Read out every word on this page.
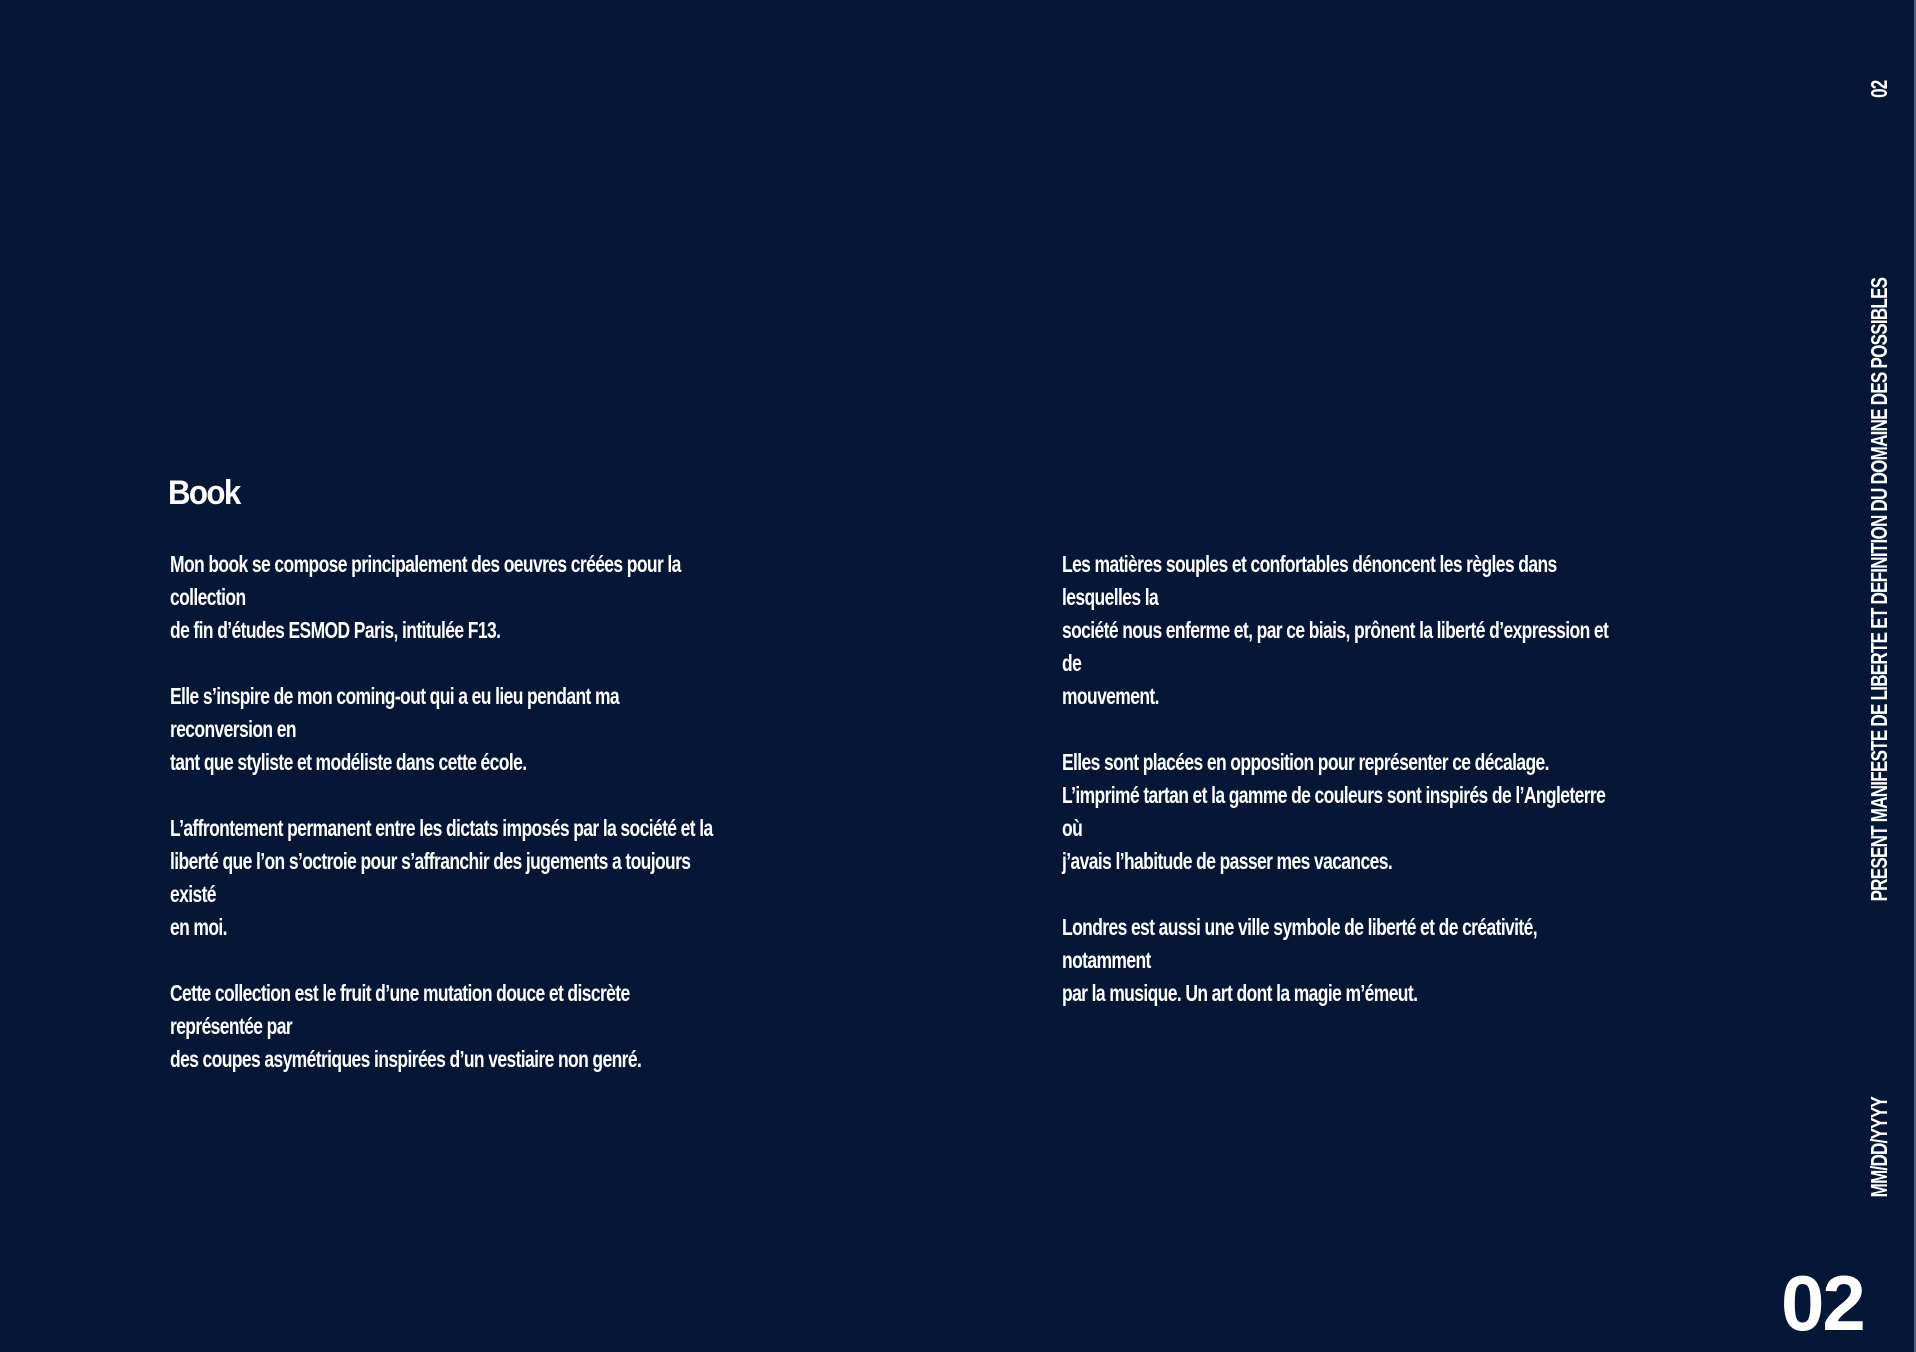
Book

Mon book se compose principalement des oeuvres créées pour la collection
de fin d’études ESMOD Paris, intitulée F13.

Elle s’inspire de mon coming-out qui a eu lieu pendant ma reconversion en
tant que styliste et modéliste dans cette école.

L’affrontement permanent entre les dictats imposés par la société et la
liberté que l’on s’octroie pour s’affranchir des jugements a toujours existé
en moi.

Cette collection est le fruit d’une mutation douce et discrète représentée par
des coupes asymétriques inspirées d’un vestiaire non genré.

Les matières souples et confortables dénoncent les règles dans lesquelles la
société nous enferme et, par ce biais, prônent la liberté d’expression et de
mouvement.

Elles sont placées en opposition pour représenter ce décalage.
L’imprimé tartan et la gamme de couleurs sont inspirés de l’Angleterre où
j’avais l’habitude de passer mes vacances.

Londres est aussi une ville symbole de liberté et de créativité, notamment
par la musique. Un art dont la magie m’émeut.

MM/DD/YYYY
PRESENT MANIFESTE DE LIBERTE ET DEFINITION DU DOMAINE DES POSSIBLES
02
02
